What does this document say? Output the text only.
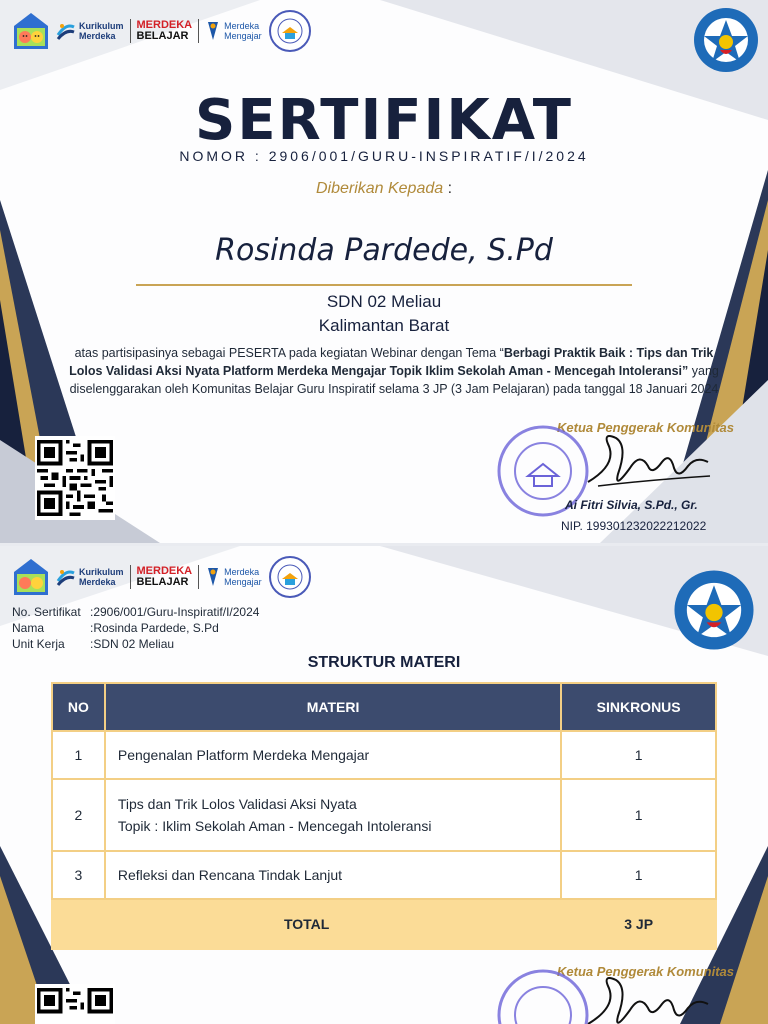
Kurikulum
Merdeka
MERDEKA
BELAJAR
Merdeka
Mengajar
SERTIFIKAT
NOMOR : 2906/001/GURU-INSPIRATIF/I/2024
Diberikan Kepada :
Rosinda Pardede, S.Pd
SDN 02 Meliau
Kalimantan Barat
atas partisipasinya sebagai PESERTA pada kegiatan Webinar dengan Tema “Berbagi Praktik Baik : Tips dan Trik Lolos Validasi Aksi Nyata Platform Merdeka Mengajar Topik Iklim Sekolah Aman - Mencegah Intoleransi” yang diselenggarakan oleh Komunitas Belajar Guru Inspiratif selama 3 JP (3 Jam Pelajaran) pada tanggal 18 Januari 2024
Ketua Penggerak Komunitas
Ai Fitri Silvia, S.Pd., Gr.
NIP. 199301232022212022
Kurikulum
Merdeka
MERDEKA
BELAJAR
Merdeka
Mengajar
No. Sertifikat :2906/001/Guru-Inspiratif/I/2024
Nama	:Rosinda Pardede, S.Pd
Unit Kerja	:SDN 02 Meliau
STRUKTUR MATERI
NO	MATERI	SINKRONUS
1	Pengenalan Platform Merdeka Mengajar	1
2	Tips dan Trik Lolos Validasi Aksi Nyata
Topik : Iklim Sekolah Aman - Mencegah Intoleransi	1
3	Refleksi dan Rencana Tindak Lanjut	1
TOTAL		3 JP
Ketua Penggerak Komunitas
